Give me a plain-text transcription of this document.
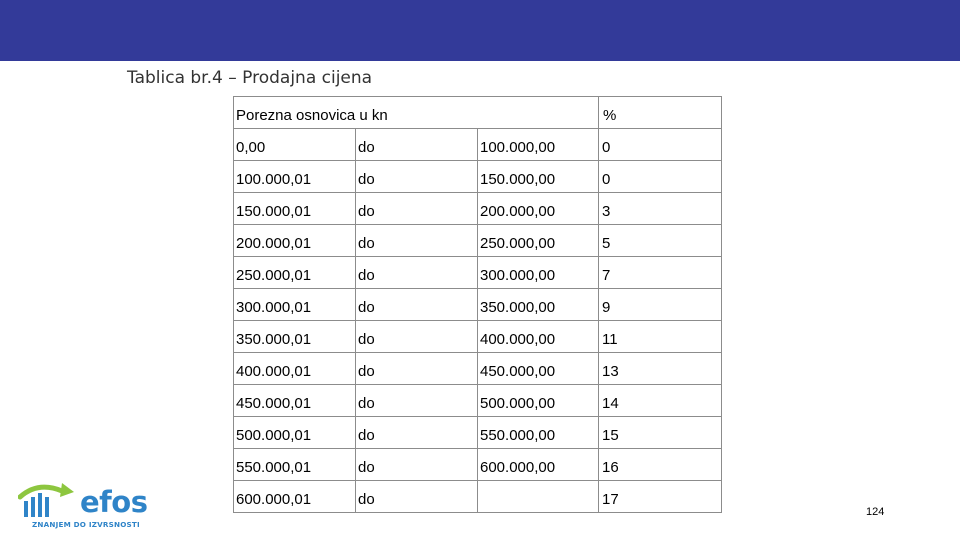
Tablica br.4 – Prodajna cijena
Porezna osnovica u kn			%
0,00	do	100.000,00	0
100.000,01	do	150.000,00	0
150.000,01	do	200.000,00	3
200.000,01	do	250.000,00	5
250.000,01	do	300.000,00	7
300.000,01	do	350.000,00	9
350.000,01	do	400.000,00	11
400.000,01	do	450.000,00	13
450.000,01	do	500.000,00	14
500.000,01	do	550.000,00	15
550.000,01	do	600.000,00	16
600.000,01	do		17
efos
ZNANJEM DO IZVRSNOSTI
124
